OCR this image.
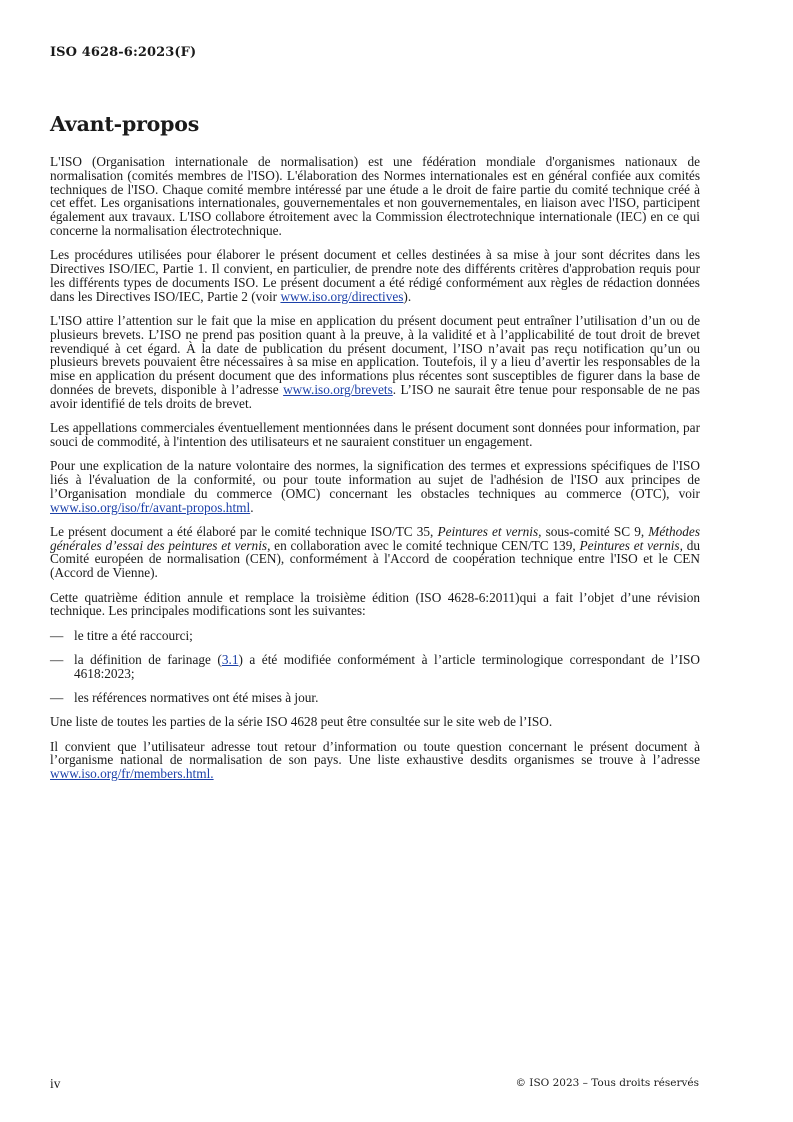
ISO 4628-6:2023(F)
Avant-propos

L'ISO (Organisation internationale de normalisation) est une fédération mondiale d'organismes nationaux de normalisation (comités membres de l'ISO). L'élaboration des Normes internationales est en général confiée aux comités techniques de l'ISO. Chaque comité membre intéressé par une étude a le droit de faire partie du comité technique créé à cet effet. Les organisations internationales, gouvernementales et non gouvernementales, en liaison avec l'ISO, participent également aux travaux. L'ISO collabore étroitement avec la Commission électrotechnique internationale (IEC) en ce qui concerne la normalisation électrotechnique.

Les procédures utilisées pour élaborer le présent document et celles destinées à sa mise à jour sont décrites dans les Directives ISO/IEC, Partie 1. Il convient, en particulier, de prendre note des différents critères d'approbation requis pour les différents types de documents ISO. Le présent document a été rédigé conformément aux règles de rédaction données dans les Directives ISO/IEC, Partie 2 (voir www.iso.org/directives).

L'ISO attire l’attention sur le fait que la mise en application du présent document peut entraîner l’utilisation d’un ou de plusieurs brevets. L’ISO ne prend pas position quant à la preuve, à la validité et à l’applicabilité de tout droit de brevet revendiqué à cet égard. À la date de publication du présent document, l’ISO n’avait pas reçu notification qu’un ou plusieurs brevets pouvaient être nécessaires à sa mise en application. Toutefois, il y a lieu d’avertir les responsables de la mise en application du présent document que des informations plus récentes sont susceptibles de figurer dans la base de données de brevets, disponible à l’adresse www.iso.org/brevets. L’ISO ne saurait être tenue pour responsable de ne pas avoir identifié de tels droits de brevet.

Les appellations commerciales éventuellement mentionnées dans le présent document sont données pour information, par souci de commodité, à l'intention des utilisateurs et ne sauraient constituer un engagement.

Pour une explication de la nature volontaire des normes, la signification des termes et expressions spécifiques de l'ISO liés à l'évaluation de la conformité, ou pour toute information au sujet de l'adhésion de l'ISO aux principes de l’Organisation mondiale du commerce (OMC) concernant les obstacles techniques au commerce (OTC), voir www.iso.org/iso/fr/avant-propos.html.

Le présent document a été élaboré par le comité technique ISO/TC 35, Peintures et vernis, sous-comité SC 9, Méthodes générales d’essai des peintures et vernis, en collaboration avec le comité technique CEN/TC 139, Peintures et vernis, du Comité européen de normalisation (CEN), conformément à l'Accord de coopération technique entre l'ISO et le CEN (Accord de Vienne).

Cette quatrième édition annule et remplace la troisième édition (ISO 4628-6:2011)qui a fait l’objet d’une révision technique. Les principales modifications sont les suivantes:

— le titre a été raccourci;
— la définition de farinage (3.1) a été modifiée conformément à l’article terminologique correspondant de l’ISO 4618:2023;
— les références normatives ont été mises à jour.

Une liste de toutes les parties de la série ISO 4628 peut être consultée sur le site web de l’ISO.

Il convient que l’utilisateur adresse tout retour d’information ou toute question concernant le présent document à l’organisme national de normalisation de son pays. Une liste exhaustive desdits organismes se trouve à l’adresse www.iso.org/fr/members.html.

iv	© ISO 2023 – Tous droits réservés
